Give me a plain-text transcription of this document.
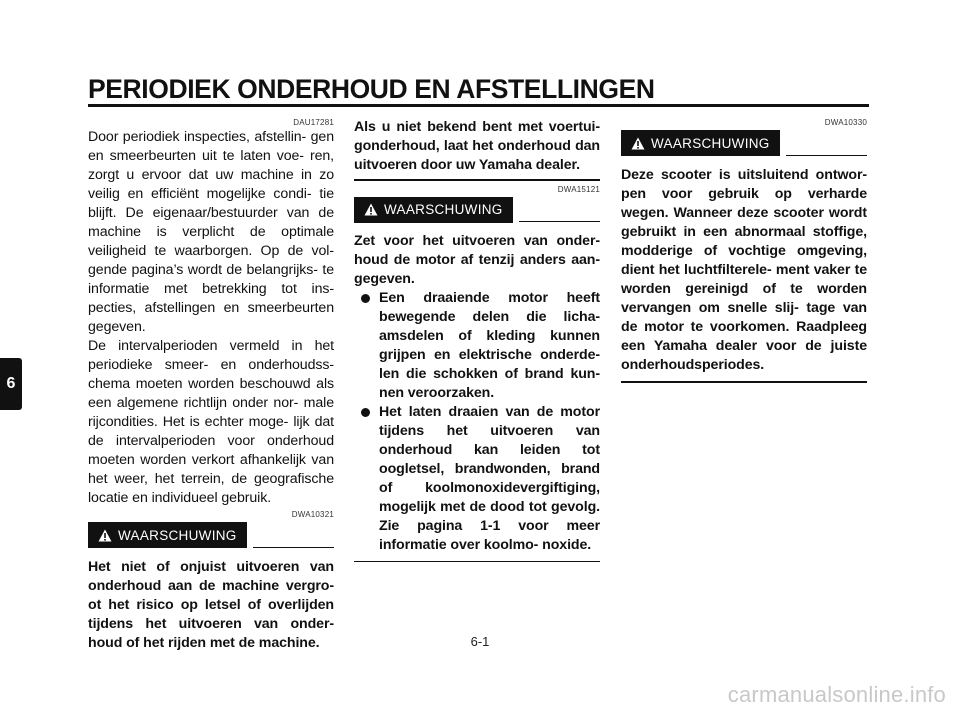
PERIODIEK ONDERHOUD EN AFSTELLINGEN
6
DAU17281

Door periodiek inspecties, afstellin- gen en smeerbeurten uit te laten voe- ren, zorgt u ervoor dat uw machine in zo veilig en efficiënt mogelijke condi- tie blijft. De eigenaar/bestuurder van de machine is verplicht de optimale veiligheid te waarborgen. Op de vol- gende pagina’s wordt de belangrijks- te informatie met betrekking tot ins- pecties, afstellingen en smeerbeurten gegeven.

De intervalperioden vermeld in het periodieke smeer- en onderhoudss- chema moeten worden beschouwd als een algemene richtlijn onder nor- male rijcondities. Het is echter moge- lijk dat de intervalperioden voor onderhoud moeten worden verkort afhankelijk van het weer, het terrein, de geografische locatie en individueel gebruik.

DWA10321
WAARSCHUWING

Het niet of onjuist uitvoeren van onderhoud aan de machine vergro- ot het risico op letsel of overlijden tijdens het uitvoeren van onder- houd of het rijden met de machine.

Als u niet bekend bent met voertui- gonderhoud, laat het onderhoud dan uitvoeren door uw Yamaha dealer.

DWA15121
WAARSCHUWING

Zet voor het uitvoeren van onder- houd de motor af tenzij anders aan- gegeven.

Een draaiende motor heeft bewegende delen die licha- amsdelen of kleding kunnen grijpen en elektrische onderde- len die schokken of brand kun- nen veroorzaken.
Het laten draaien van de motor tijdens het uitvoeren van onderhoud kan leiden tot oogletsel, brandwonden, brand of koolmonoxidevergiftiging, mogelijk met de dood tot gevolg. Zie pagina 1-1 voor meer informatie over koolmo- noxide.
DWA10330
WAARSCHUWING

Deze scooter is uitsluitend ontwor- pen voor gebruik op verharde wegen. Wanneer deze scooter wordt gebruikt in een abnormaal stoffige, modderige of vochtige omgeving, dient het luchtfilterele- ment vaker te worden gereinigd of te worden vervangen om snelle slij- tage van de motor te voorkomen. Raadpleeg een Yamaha dealer voor de juiste onderhoudsperiodes.

6-1
carmanualsonline.info
